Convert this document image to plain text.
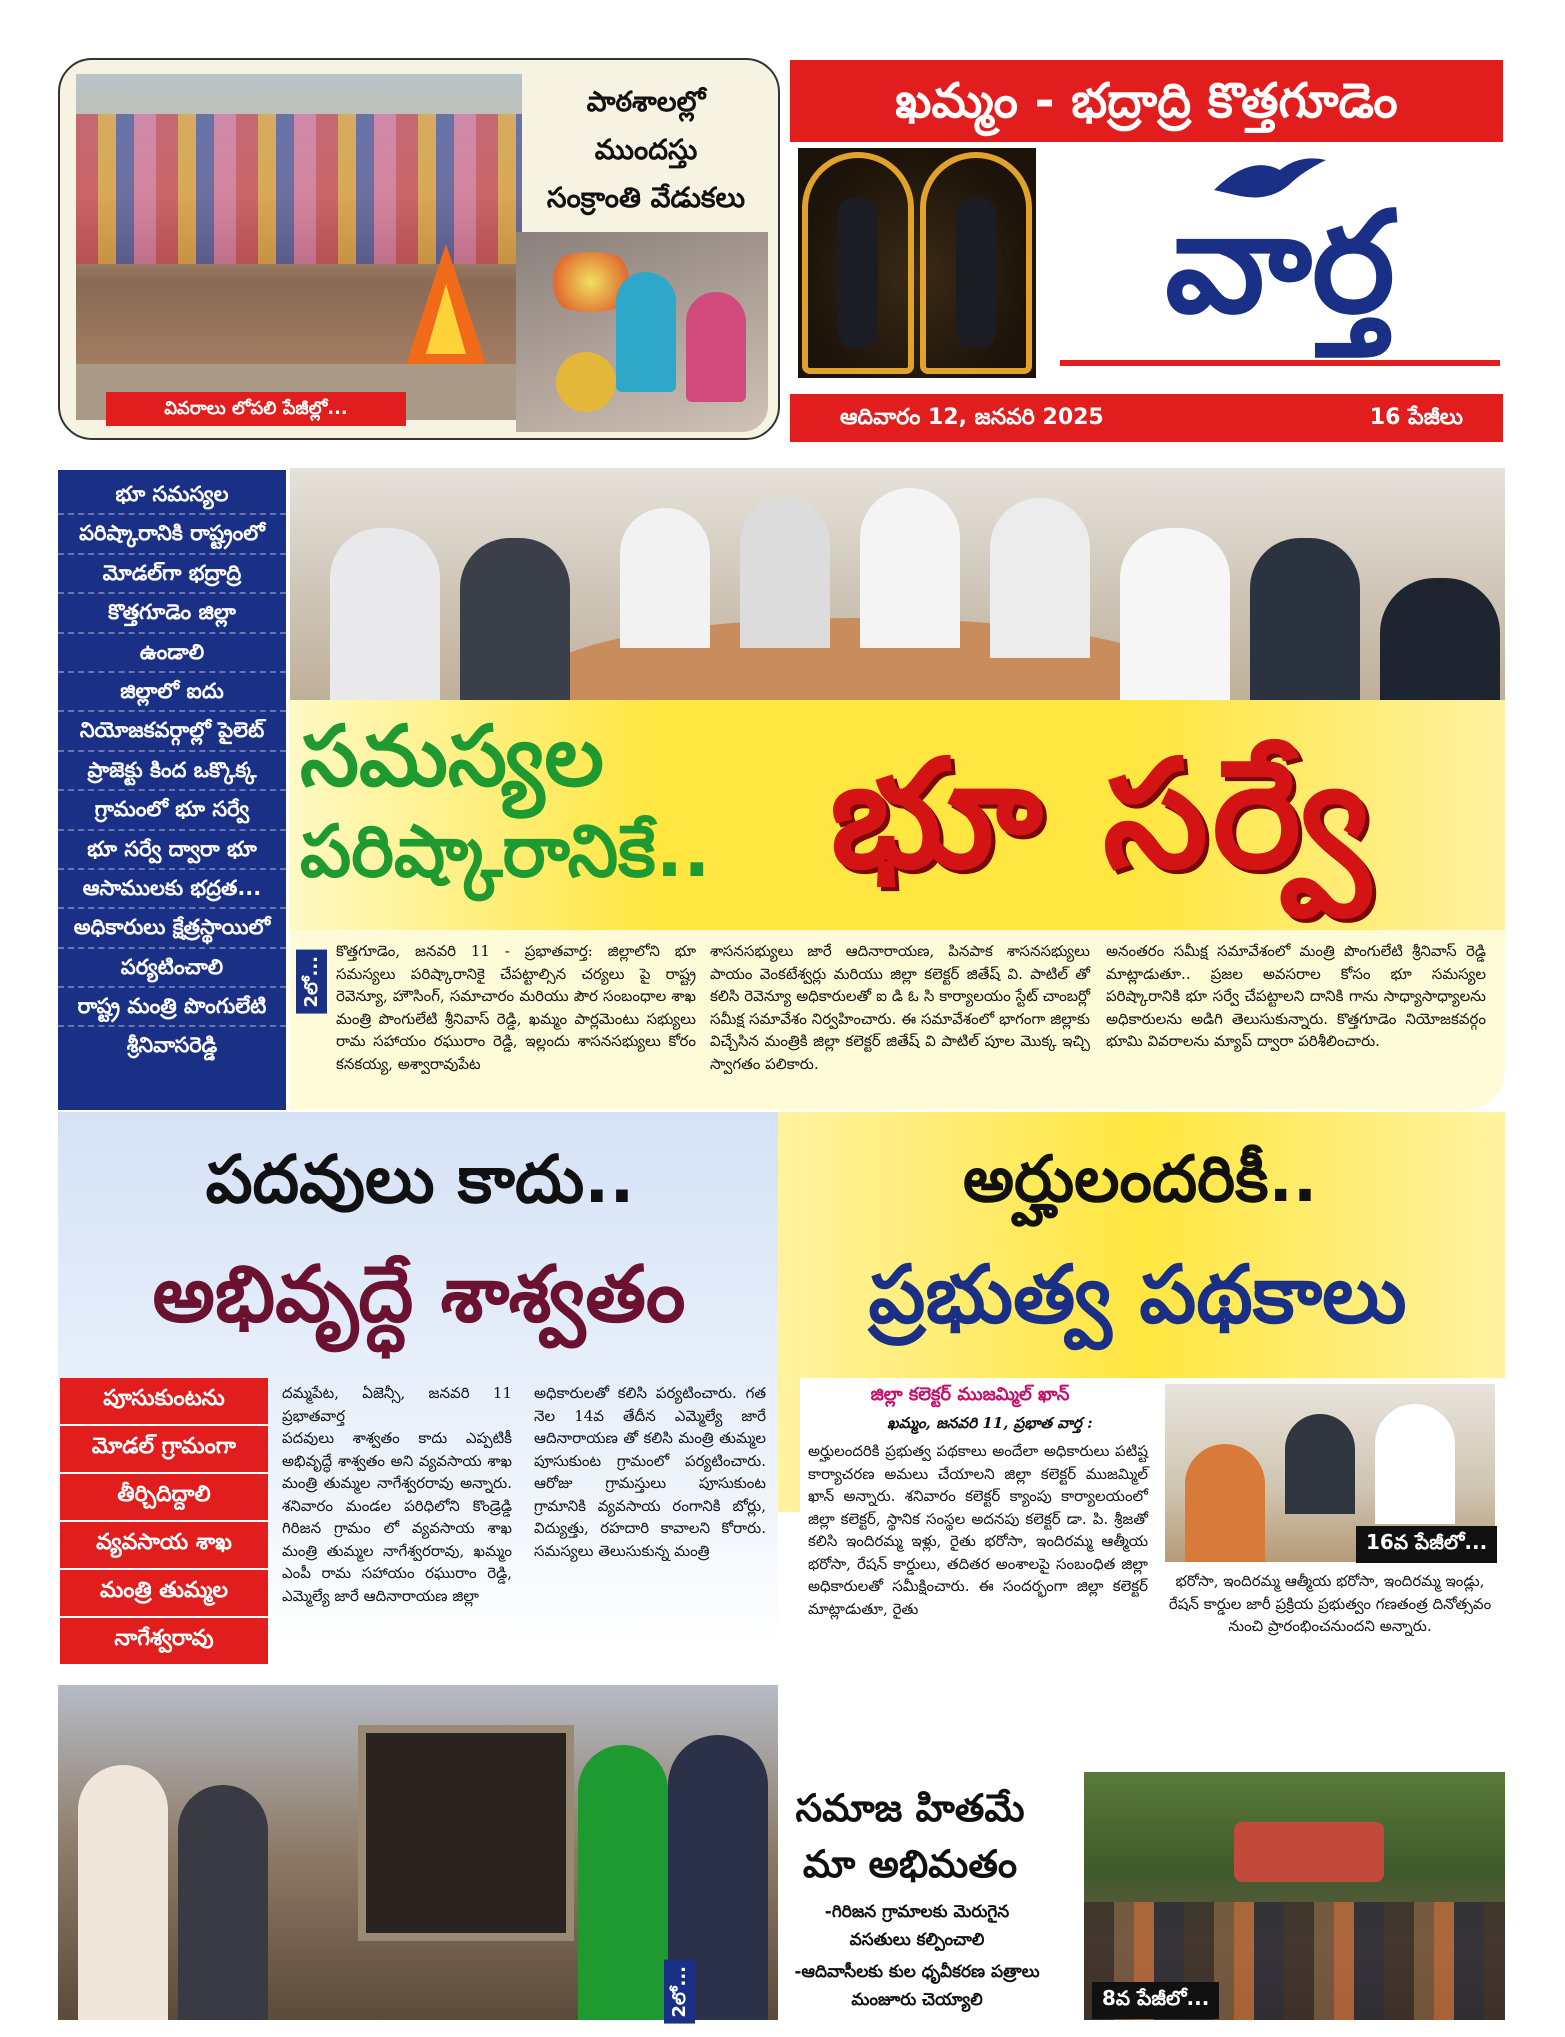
వివరాలు లోపలి పేజీల్లో...
పాఠశాలల్లో
ముందస్తు
సంక్రాంతి వేడుకలు
ఖమ్మం - భద్రాద్రి కొత్తగూడెం
వార్త
ఆదివారం 12, జనవరి 2025	16 పేజీలు
భూ సమస్యల
పరిష్కారానికి రాష్ట్రంలో
మోడల్‌గా భద్రాద్రి
కొత్తగూడెం జిల్లా
ఉండాలి
జిల్లాలో ఐదు
నియోజకవర్గాల్లో పైలెట్
ప్రాజెక్టు కింద ఒక్కొక్క
గ్రామంలో భూ సర్వే
భూ సర్వే ద్వారా భూ
ఆసాములకు భద్రత...
అధికారులు క్షేత్రస్థాయిలో
పర్యటించాలి
రాష్ట్ర మంత్రి పొంగులేటి
శ్రీనివాసరెడ్డి
సమస్యల
పరిష్కారానికే.. భూ సర్వే
2లో...
కొత్తగూడెం, జనవరి 11 - ప్రభాతవార్త: జిల్లాలోని భూ సమస్యలు పరిష్కారానికై చేపట్టాల్సిన చర్యలు పై రాష్ట్ర రెవెన్యూ, హౌసింగ్, సమాచారం మరియు పౌర సంబంధాల శాఖ మంత్రి పొంగులేటి శ్రీనివాస్ రెడ్డి, ఖమ్మం పార్లమెంటు సభ్యులు రామ సహాయం రఘురాం రెడ్డి, ఇల్లందు శాసనసభ్యులు కోరం కనకయ్య, అశ్వారావుపేట
శాసనసభ్యులు జారే ఆదినారాయణ, పినపాక శాసనసభ్యులు పాయం వెంకటేశ్వర్లు మరియు జిల్లా కలెక్టర్ జితేష్ వి. పాటిల్ తో కలిసి రెవెన్యూ అధికారులతో ఐ డి ఓ సి కార్యాలయం స్టేట్ చాంబర్లో సమీక్ష సమావేశం నిర్వహించారు. ఈ సమావేశంలో భాగంగా జిల్లాకు విచ్చేసిన మంత్రికి జిల్లా కలెక్టర్ జితేష్ వి పాటిల్ పూల మొక్క ఇచ్చి స్వాగతం పలికారు.
అనంతరం సమీక్ష సమావేశంలో మంత్రి పొంగులేటి శ్రీనివాస్ రెడ్డి మాట్లాడుతూ.. ప్రజల అవసరాల కోసం భూ సమస్యల పరిష్కారానికి భూ సర్వే చేపట్టాలని దానికి గాను సాధ్యాసాధ్యాలను అధికారులను అడిగి తెలుసుకున్నారు. కొత్తగూడెం నియోజకవర్గం భూమి వివరాలను మ్యాప్ ద్వారా పరిశీలించారు.
పదవులు కాదు..
అభివృద్ధే శాశ్వతం
పూసుకుంటను
మోడల్ గ్రామంగా
తీర్చిదిద్దాలి
వ్యవసాయ శాఖ
మంత్రి తుమ్మల
నాగేశ్వరావు
దమ్మపేట, ఏజెన్సీ, జనవరి 11 ప్రభాతవార్త
పదవులు శాశ్వతం కాదు ఎప్పటికీ అభివృద్ధే శాశ్వతం అని వ్యవసాయ శాఖ మంత్రి తుమ్మల నాగేశ్వరరావు అన్నారు. శనివారం మండల పరిధిలోని కొండ్రెడ్డి గిరిజన గ్రామం లో వ్యవసాయ శాఖ మంత్రి తుమ్మల నాగేశ్వరరావు, ఖమ్మం ఎంపీ రామ సహాయం రఘురాం రెడ్డి, ఎమ్మెల్యే జారే ఆదినారాయణ జిల్లా
అధికారులతో కలిసి పర్యటించారు. గత నెల 14వ తేదీన ఎమ్మెల్యే జారే ఆదినారాయణ తో కలిసి మంత్రి తుమ్మల పూసుకుంట గ్రామంలో పర్యటించారు. ఆరోజు గ్రామస్తులు పూసుకుంట గ్రామానికి వ్యవసాయ రంగానికి బోర్లు, విద్యుత్తు, రహదారి కావాలని కోరారు. సమస్యలు తెలుసుకున్న మంత్రి
2లో...
అర్హులందరికీ..
ప్రభుత్వ పథకాలు
జిల్లా కలెక్టర్ ముజమ్మిల్ ఖాన్
ఖమ్మం, జనవరి 11, ప్రభాత వార్త :
అర్హులందరికి ప్రభుత్వ పథకాలు అందేలా అధికారులు పటిష్ట కార్యాచరణ అమలు చేయాలని జిల్లా కలెక్టర్ ముజమ్మిల్ ఖాన్ అన్నారు. శనివారం కలెక్టర్ క్యాంపు కార్యాలయంలో జిల్లా కలెక్టర్, స్థానిక సంస్థల అదనపు కలెక్టర్ డా. పి. శ్రీజతో కలిసి ఇందిరమ్మ ఇళ్లు, రైతు భరోసా, ఇందిరమ్మ ఆత్మీయ భరోసా, రేషన్ కార్డులు, తదితర అంశాలపై సంబంధిత జిల్లా అధికారులతో సమీక్షించారు. ఈ సందర్భంగా జిల్లా కలెక్టర్ మాట్లాడుతూ, రైతు
16వ పేజీలో...
భరోసా, ఇందిరమ్మ ఆత్మీయ భరోసా, ఇందిరమ్మ ఇండ్లు, రేషన్ కార్డుల జారీ ప్రక్రియ ప్రభుత్వం గణతంత్ర దినోత్సవం నుంచి ప్రారంభించనుందని అన్నారు.
సమాజ హితమే
మా అభిమతం
-గిరిజన గ్రామాలకు మెరుగైన వసతులు కల్పించాలి
-ఆదివాసీలకు కుల ధృవీకరణ పత్రాలు మంజూరు చెయ్యాలి	8వ పేజీలో...
